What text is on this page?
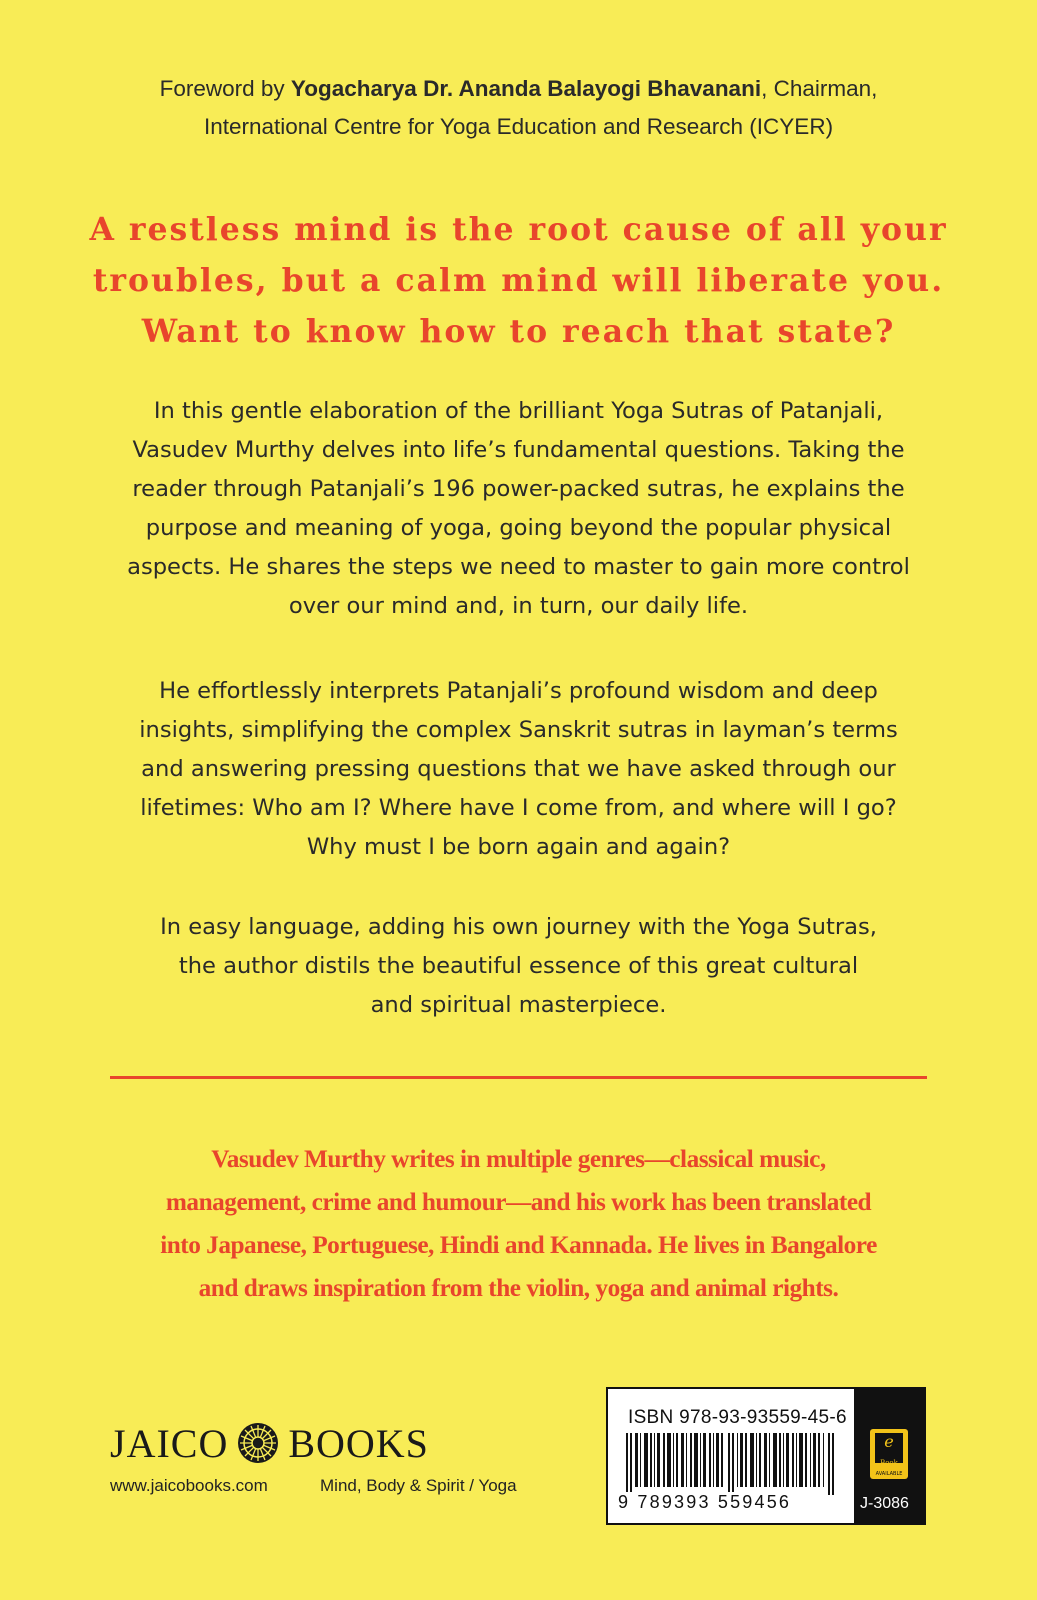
Foreword by Yogacharya Dr. Ananda Balayogi Bhavanani, Chairman,
International Centre for Yoga Education and Research (ICYER)
A restless mind is the root cause of all your
troubles, but a calm mind will liberate you.
Want to know how to reach that state?
In this gentle elaboration of the brilliant Yoga Sutras of Patanjali,
Vasudev Murthy delves into life’s fundamental questions. Taking the
reader through Patanjali’s 196 power-packed sutras, he explains the
purpose and meaning of yoga, going beyond the popular physical
aspects. He shares the steps we need to master to gain more control
over our mind and, in turn, our daily life.
He effortlessly interprets Patanjali’s profound wisdom and deep
insights, simplifying the complex Sanskrit sutras in layman’s terms
and answering pressing questions that we have asked through our
lifetimes: Who am I? Where have I come from, and where will I go?
Why must I be born again and again?
In easy language, adding his own journey with the Yoga Sutras,
the author distils the beautiful essence of this great cultural
and spiritual masterpiece.
Vasudev Murthy writes in multiple genres—classical music,
management, crime and humour—and his work has been translated
into Japanese, Portuguese, Hindi and Kannada. He lives in Bangalore
and draws inspiration from the violin, yoga and animal rights.
JAICO BOOKS
www.jaicobooks.com	Mind, Body & Spirit / Yoga
ISBN 978-93-93559-45-6
9 789393 559456
e
Book
AVAILABLE
J-3086
